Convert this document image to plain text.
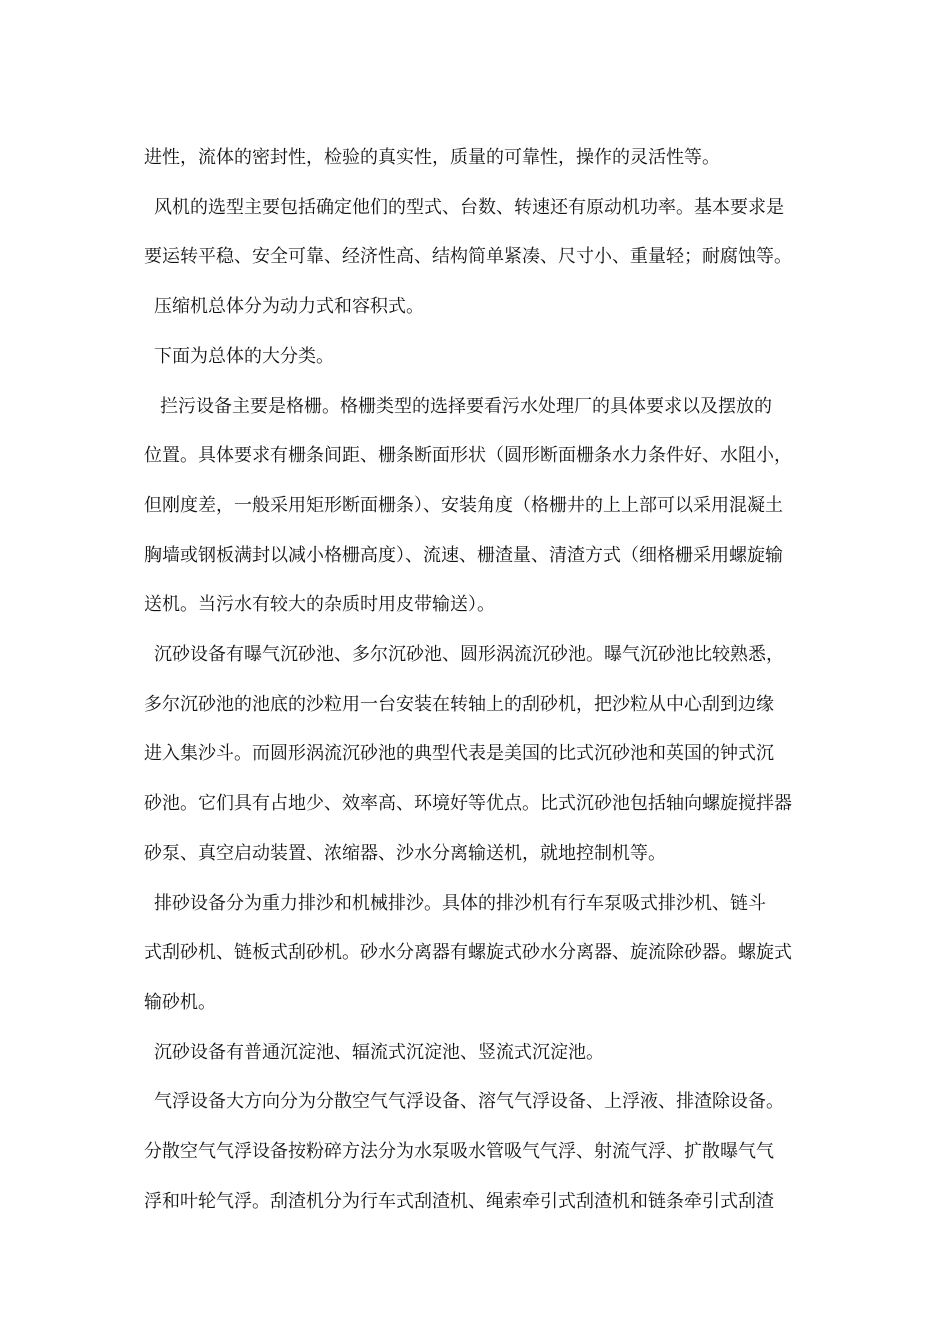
进性，流体的密封性，检验的真实性，质量的可靠性，操作的灵活性等。

风机的选型主要包括确定他们的型式、台数、转速还有原动机功率。基本要求是
要运转平稳、安全可靠、经济性高、结构简单紧凑、尺寸小、重量轻；耐腐蚀等。

压缩机总体分为动力式和容积式。

下面为总体的大分类。

拦污设备主要是格栅。格栅类型的选择要看污水处理厂的具体要求以及摆放的
位置。具体要求有栅条间距、栅条断面形状（圆形断面栅条水力条件好、水阻小，
但刚度差，一般采用矩形断面栅条）、安装角度（格栅井的上上部可以采用混凝土
胸墙或钢板满封以减小格栅高度）、流速、栅渣量、清渣方式（细格栅采用螺旋输
送机。当污水有较大的杂质时用皮带输送）。

沉砂设备有曝气沉砂池、多尔沉砂池、圆形涡流沉砂池。曝气沉砂池比较熟悉，
多尔沉砂池的池底的沙粒用一台安装在转轴上的刮砂机，把沙粒从中心刮到边缘
进入集沙斗。而圆形涡流沉砂池的典型代表是美国的比式沉砂池和英国的钟式沉
砂池。它们具有占地少、效率高、环境好等优点。比式沉砂池包括轴向螺旋搅拌器
砂泵、真空启动装置、浓缩器、沙水分离输送机，就地控制机等。

排砂设备分为重力排沙和机械排沙。具体的排沙机有行车泵吸式排沙机、链斗
式刮砂机、链板式刮砂机。砂水分离器有螺旋式砂水分离器、旋流除砂器。螺旋式
输砂机。

沉砂设备有普通沉淀池、辐流式沉淀池、竖流式沉淀池。

气浮设备大方向分为分散空气气浮设备、溶气气浮设备、上浮液、排渣除设备。
分散空气气浮设备按粉碎方法分为水泵吸水管吸气气浮、射流气浮、扩散曝气气
浮和叶轮气浮。刮渣机分为行车式刮渣机、绳索牵引式刮渣机和链条牵引式刮渣
